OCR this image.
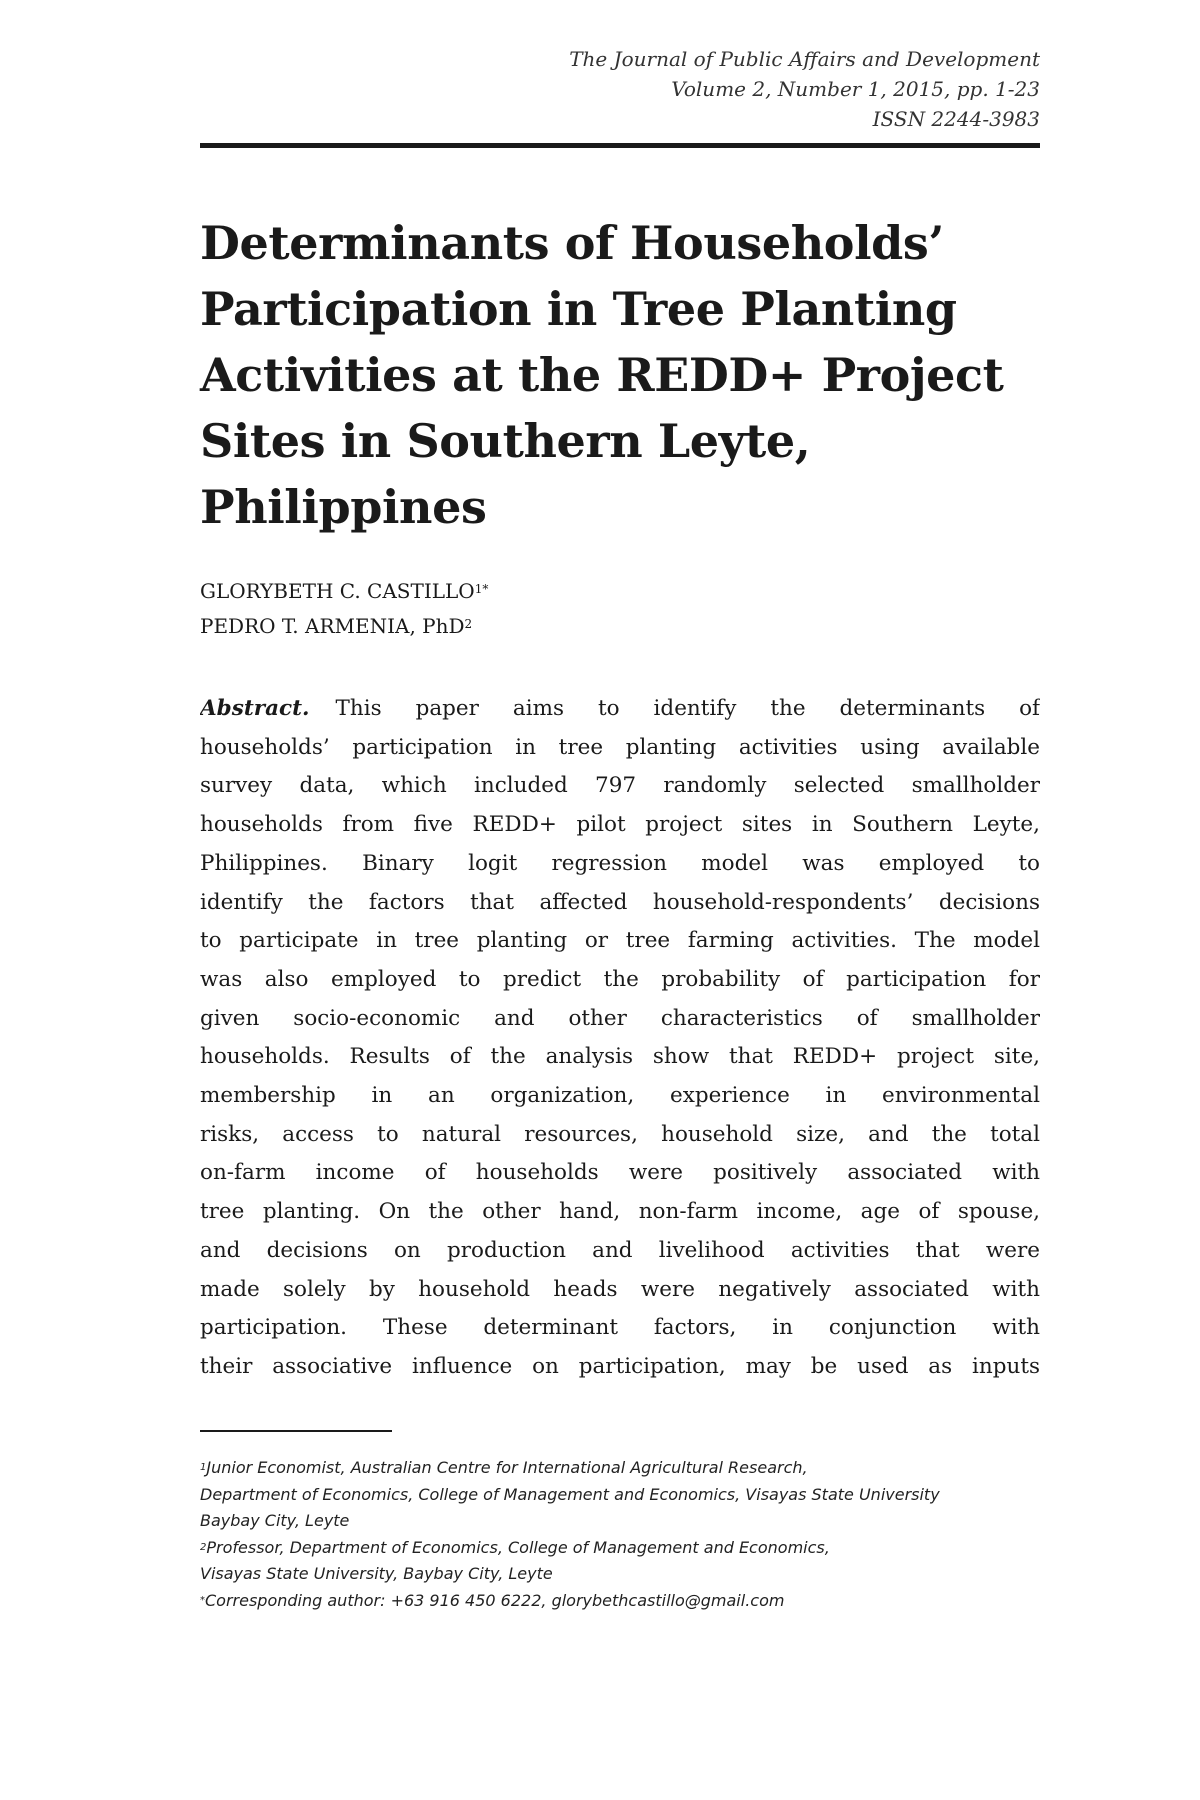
The Journal of Public Affairs and Development
Volume 2, Number 1, 2015, pp. 1-23
ISSN 2244-3983
Determinants of Households’
Participation in Tree Planting
Activities at the REDD+ Project
Sites in Southern Leyte,
Philippines
GLORYBETH C. $CASTILLO^{1*}$
PEDRO T. ARMENIA, PhD$^2$
Abstract. This paper aims to identify the determinants of
households’ participation in tree planting activities using available
survey data, which included 797 randomly selected smallholder
households from five REDD+ pilot project sites in Southern Leyte,
Philippines. Binary logit regression model was employed to
identify the factors that affected household-respondents’ decisions
to participate in tree planting or tree farming activities. The model
was also employed to predict the probability of participation for
given socio-economic and other characteristics of smallholder
households. Results of the analysis show that REDD+ project site,
membership in an organization, experience in environmental
risks, access to natural resources, household size, and the total
on-farm income of households were positively associated with
tree planting. On the other hand, non-farm income, age of spouse,
and decisions on production and livelihood activities that were
made solely by household heads were negatively associated with
participation. These determinant factors, in conjunction with
their associative influence on participation, may be used as inputs
$^1$Junior Economist, Australian Centre for International Agricultural Research,
Department of Economics, College of Management and Economics, Visayas State University
Baybay City, Leyte
$^2$Professor, Department of Economics, College of Management and Economics,
Visayas State University, Baybay City, Leyte
*Corresponding author: +63 916 450 6222, glorybethcastillo@gmail.com
